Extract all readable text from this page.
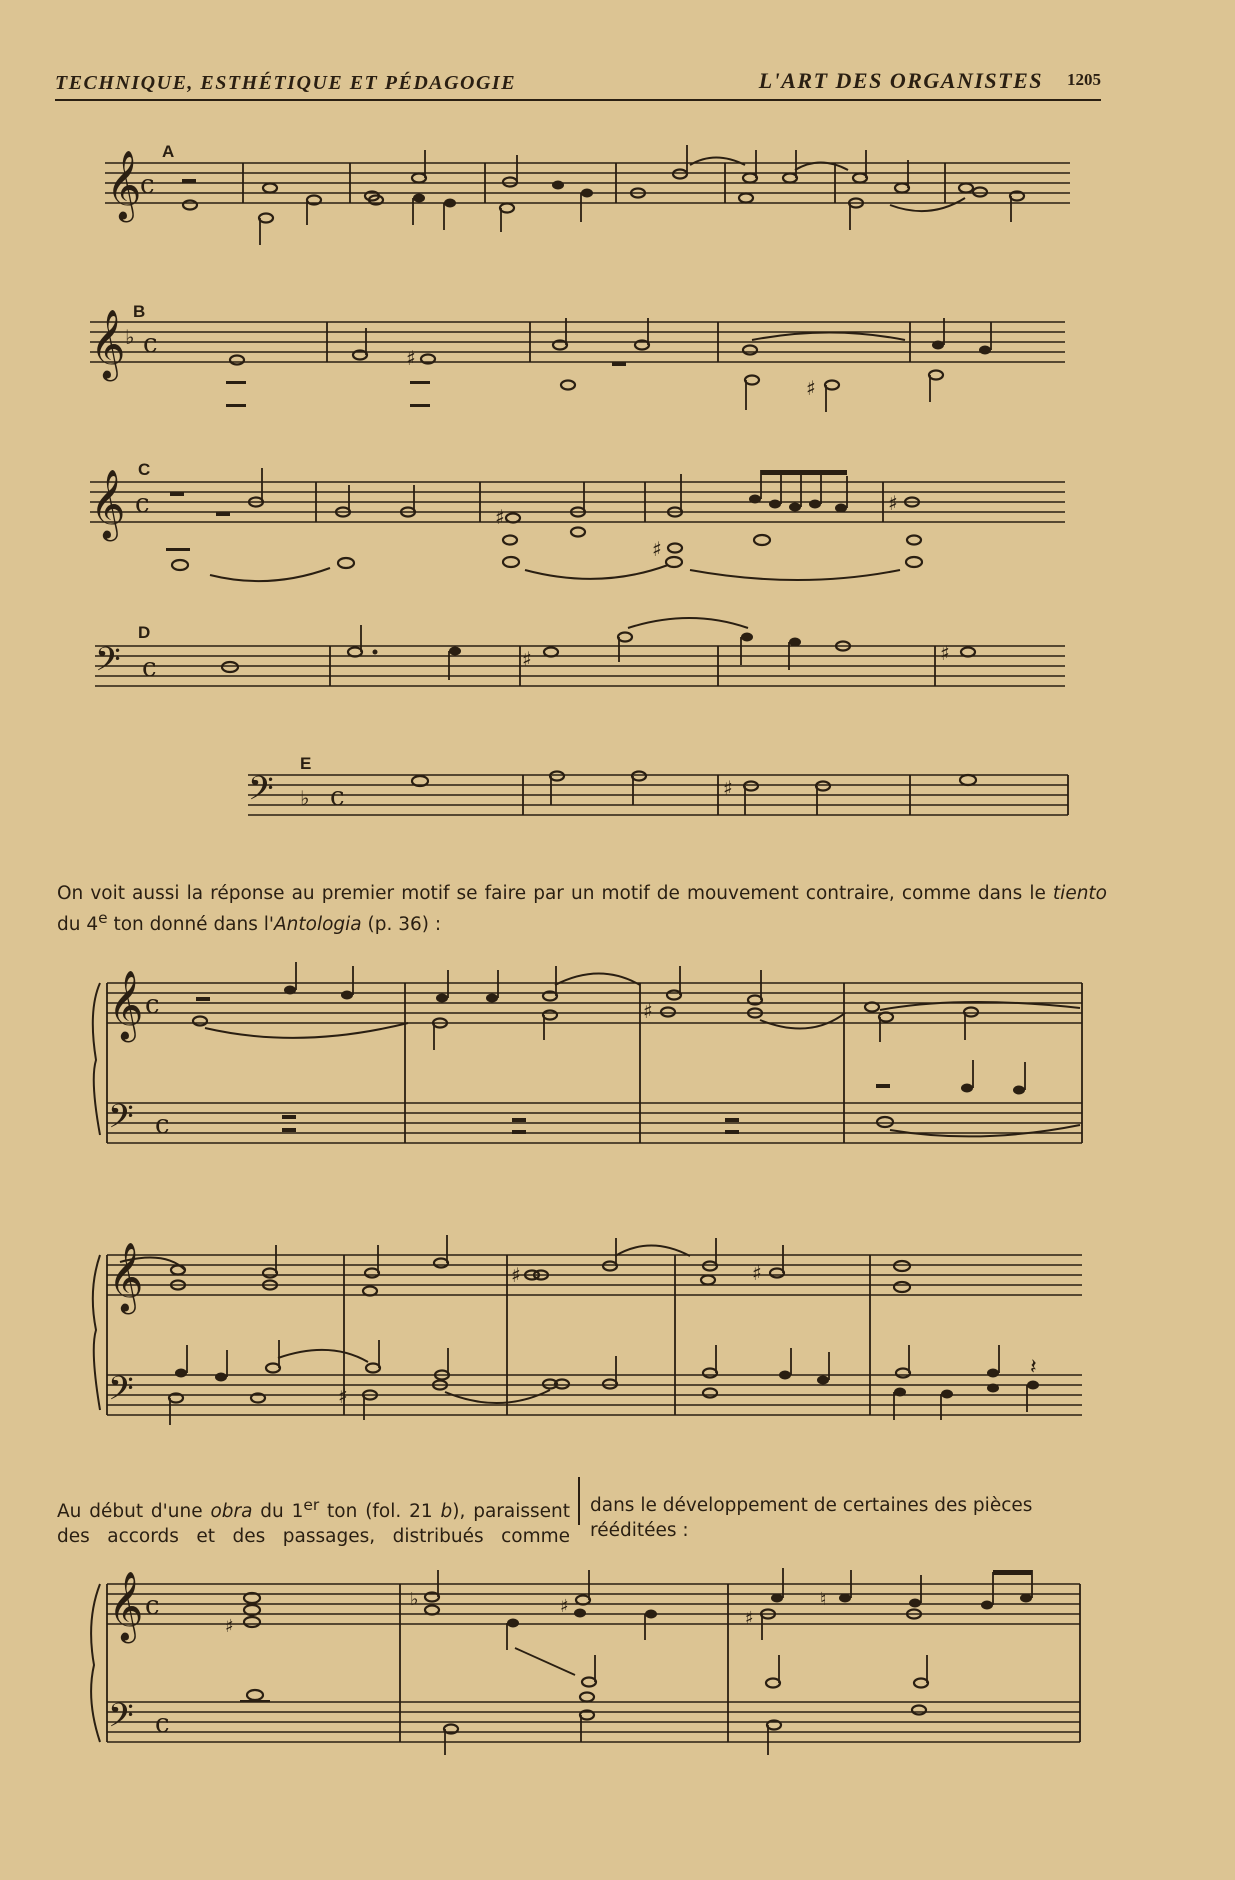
TECHNIQUE, ESTHÉTIQUE ET PÉDAGOGIE	L'ART DES ORGANISTES 1205
A
B
C
D
E
𝄞
c
𝄞 ♭ c	♯
♯
𝄞 c	♯
♯
♯
𝄢 c	♯	♯
𝄢 ♭ c	♯
𝄞 c
𝄢 c
♯
𝄞
𝄢	♯
♯	♯
𝄽
𝄞 c
𝄢 c
♯
♭	♯
♯
♮

On voit aussi la réponse au premier motif se faire par un motif de mouvement contraire, comme dans le tiento du 4e ton donné dans l'Antologia (p. 36) :

Au début d'une obra du 1er ton (fol. 21 b), paraissent des accords et des passages, distribués comme

dans le développement de certaines des pièces rééditées :
